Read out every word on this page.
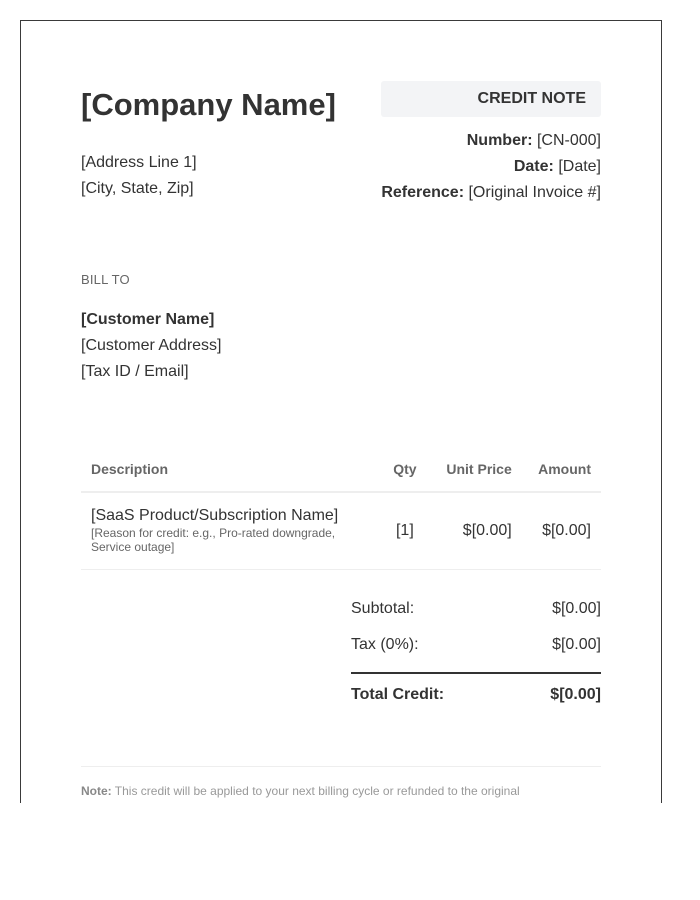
[Company Name]
[Address Line 1]
[City, State, Zip]
CREDIT NOTE
Number: [CN-000]
Date: [Date]
Reference: [Original Invoice #]
BILL TO
[Customer Name]
[Customer Address]
[Tax ID / Email]
Description	Qty	Unit Price	Amount

[SaaS Product/Subscription Name]
[Reason for credit: e.g., Pro-rated downgrade, Service outage]	[1]	$[0.00]	$[0.00]
Subtotal:	$[0.00]
Tax (0%):	$[0.00]
Total Credit:	$[0.00]
Note: This credit will be applied to your next billing cycle or refunded to the original
